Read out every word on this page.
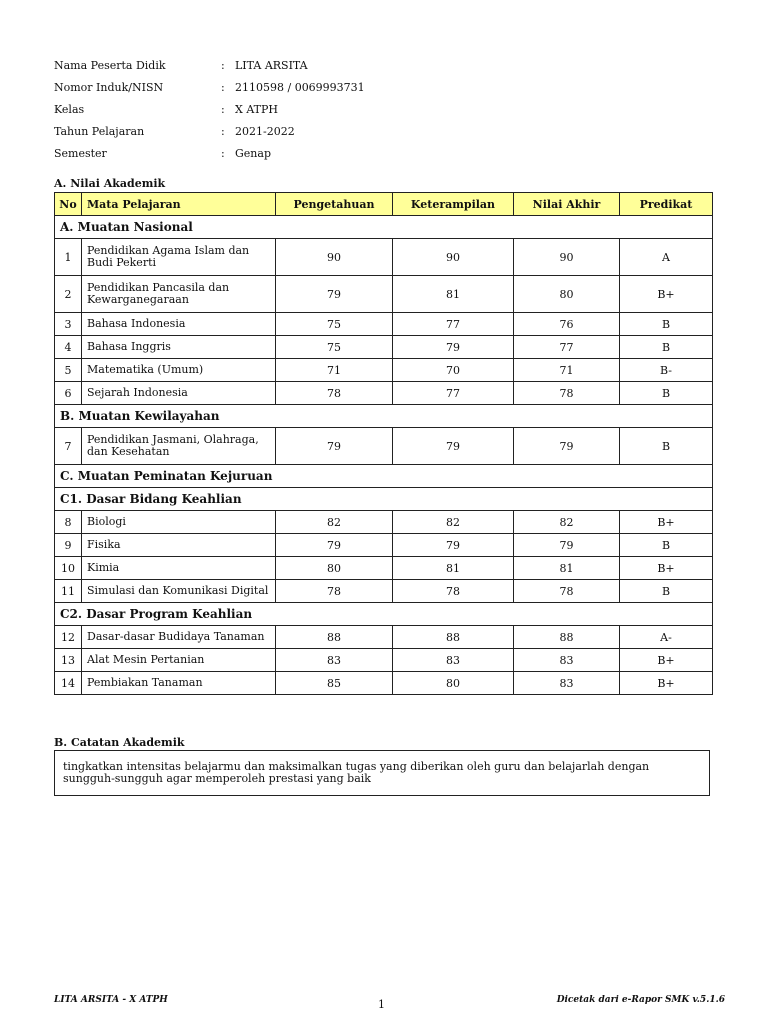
Nama Peserta Didik	: LITA ARSITA
Nomor Induk/NISN	: 2110598 / 0069993731
Kelas	: X ATPH
Tahun Pelajaran	: 2021-2022
Semester	: Genap
A. Nilai Akademik
No	Mata Pelajaran	Pengetahuan	Keterampilan	Nilai Akhir	Predikat
A. Muatan Nasional					
1	Pendidikan Agama Islam dan Budi Pekerti	90	90	90	A
2	Pendidikan Pancasila dan Kewarganegaraan	79	81	80	B+
3	Bahasa Indonesia	75	77	76	B
4	Bahasa Inggris	75	79	77	B
5	Matematika (Umum)	71	70	71	B-
6	Sejarah Indonesia	78	77	78	B
B. Muatan Kewilayahan					
7	Pendidikan Jasmani, Olahraga, dan Kesehatan	79	79	79	B
C. Muatan Peminatan Kejuruan					
C1. Dasar Bidang Keahlian					
8	Biologi	82	82	82	B+
9	Fisika	79	79	79	B
10	Kimia	80	81	81	B+
11	Simulasi dan Komunikasi Digital	78	78	78	B
C2. Dasar Program Keahlian					
12	Dasar-dasar Budidaya Tanaman	88	88	88	A-
13	Alat Mesin Pertanian	83	83	83	B+
14	Pembiakan Tanaman	85	80	83	B+
B. Catatan Akademik
tingkatkan intensitas belajarmu dan maksimalkan tugas yang diberikan oleh guru dan belajarlah dengan sungguh-sungguh agar memperoleh prestasi yang baik
LITA ARSITA - X ATPH	1	Dicetak dari e-Rapor SMK v.5.1.6
